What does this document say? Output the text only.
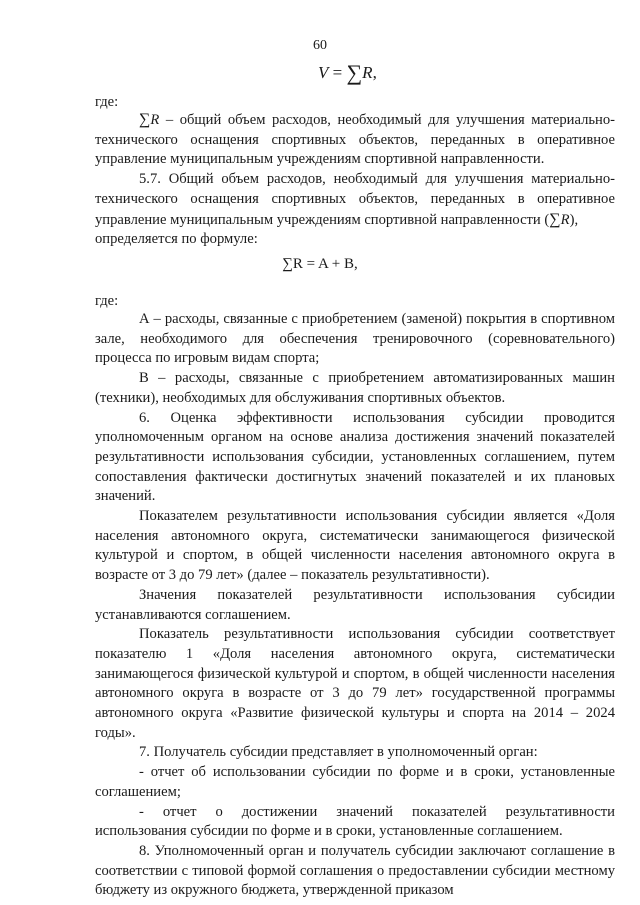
60
V = ∑R,
где:

∑R – общий объем расходов, необходимый для улучшения материально-технического оснащения спортивных объектов, переданных в оперативное управление муниципальным учреждениям спортивной направленности.

5.7. Общий объем расходов, необходимый для улучшения материально-технического оснащения спортивных объектов, переданных в оперативное управление муниципальным учреждениям спортивной направленности (∑R),

определяется по формуле:

∑R = A + B,
где:

А – расходы, связанные с приобретением (заменой) покрытия в спортивном зале, необходимого для обеспечения тренировочного (соревновательного) процесса по игровым видам спорта;

В – расходы, связанные с приобретением автоматизированных машин (техники), необходимых для обслуживания спортивных объектов.

6. Оценка эффективности использования субсидии проводится уполномоченным органом на основе анализа достижения значений показателей результативности использования субсидии, установленных соглашением, путем сопоставления фактически достигнутых значений показателей и их плановых значений.

Показателем результативности использования субсидии является «Доля населения автономного округа, систематически занимающегося физической культурой и спортом, в общей численности населения автономного округа в возрасте от 3 до 79 лет» (далее – показатель результативности).

Значения показателей результативности использования субсидии устанавливаются соглашением.

Показатель результативности использования субсидии соответствует показателю 1 «Доля населения автономного округа, систематически занимающегося физической культурой и спортом, в общей численности населения автономного округа в возрасте от 3 до 79 лет» государственной программы автономного округа «Развитие физической культуры и спорта на 2014 – 2024 годы».

7. Получатель субсидии представляет в уполномоченный орган:

- отчет об использовании субсидии по форме и в сроки, установленные соглашением;

- отчет о достижении значений показателей результативности использования субсидии по форме и в сроки, установленные соглашением.

8. Уполномоченный орган и получатель субсидии заключают соглашение в соответствии с типовой формой соглашения о предоставлении субсидии местному бюджету из окружного бюджета, утвержденной приказом
